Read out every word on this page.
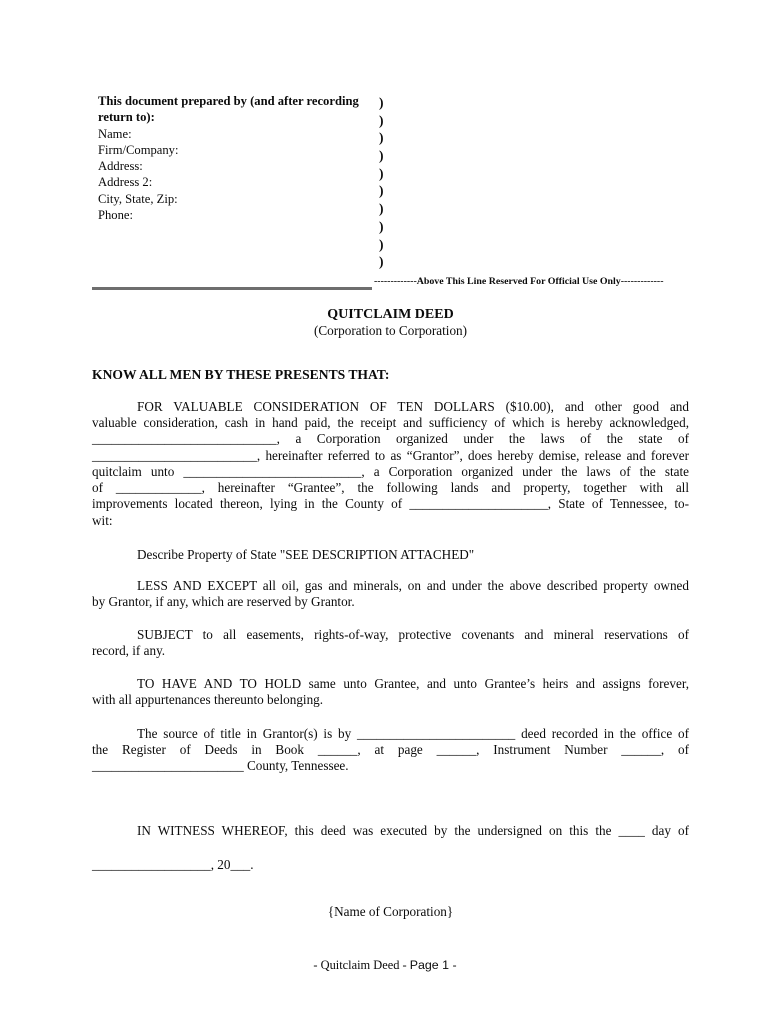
This document prepared by (and after recording
return to):
Name:
Firm/Company:
Address:
Address 2:
City, State, Zip:
Phone:
)
)
)
)
)
)
)
)
)
)
-------------Above This Line Reserved For Official Use Only-------------
QUITCLAIM DEED
(Corporation to Corporation)
KNOW ALL MEN BY THESE PRESENTS THAT:
FOR VALUABLE CONSIDERATION OF TEN DOLLARS ($10.00), and other good and
valuable consideration, cash in hand paid, the receipt and sufficiency of which is hereby acknowledged,
____________________________, a Corporation organized under the laws of the state of
_________________________, hereinafter referred to as “Grantor”, does hereby demise, release and forever
quitclaim unto ___________________________, a Corporation organized under the laws of the state
of _____________, hereinafter “Grantee”, the following lands and property, together with all
improvements located thereon, lying in the County of _____________________, State of Tennessee, to-
wit:
Describe Property of State "SEE DESCRIPTION ATTACHED"
LESS AND EXCEPT all oil, gas and minerals, on and under the above described property owned
by Grantor, if any, which are reserved by Grantor.
SUBJECT to all easements, rights-of-way, protective covenants and mineral reservations of
record, if any.
TO HAVE AND TO HOLD same unto Grantee, and unto Grantee’s heirs and assigns forever,
with all appurtenances thereunto belonging.
The source of title in Grantor(s) is by ________________________ deed recorded in the office of
the Register of Deeds in Book ______, at page ______, Instrument Number ______, of
_______________________ County, Tennessee.
IN WITNESS WHEREOF, this deed was executed by the undersigned on this the ____ day of
__________________, 20___.
{Name of Corporation}
- Quitclaim Deed - Page 1 -
